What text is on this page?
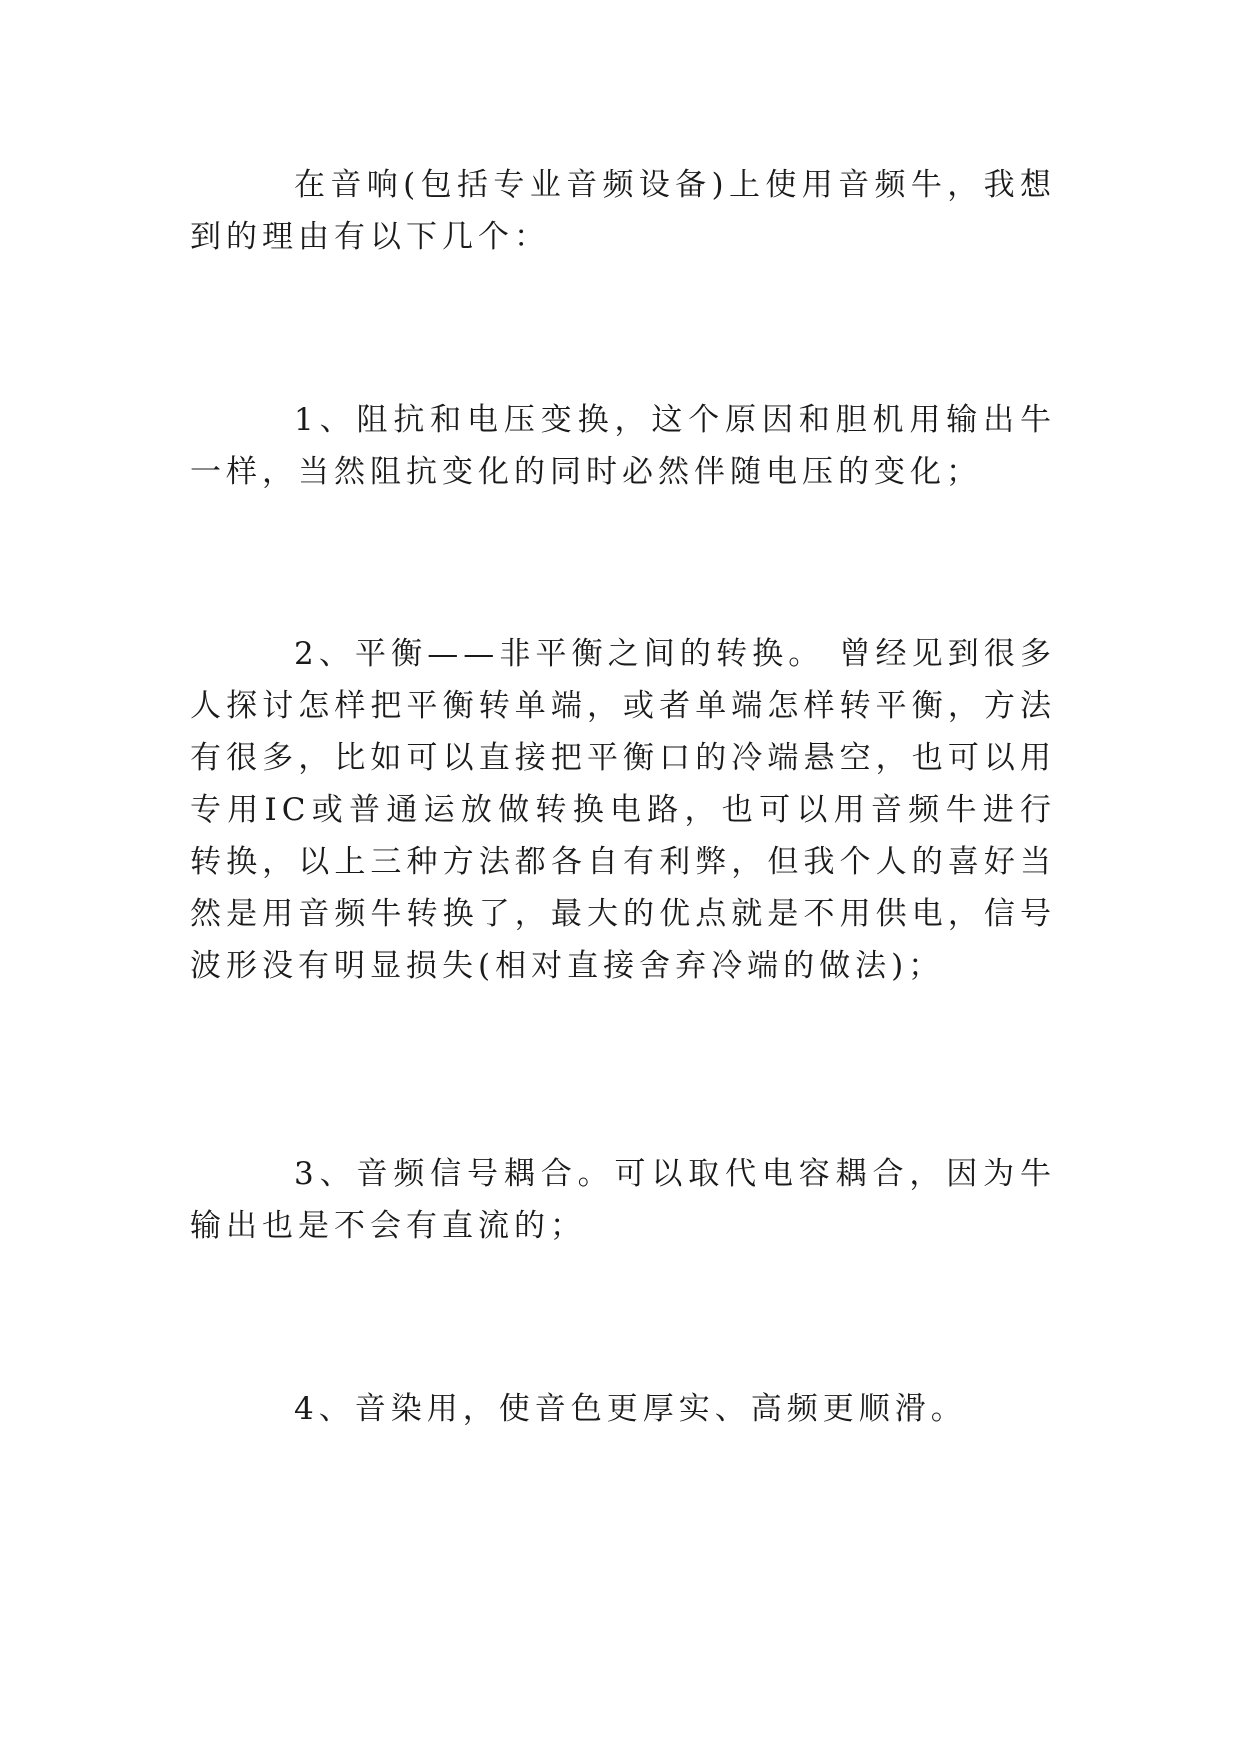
在音响(包括专业音频设备)上使用音频牛，我想到的理由有以下几个：

1、阻抗和电压变换，这个原因和胆机用输出牛一样，当然阻抗变化的同时必然伴随电压的变化；

2、平衡——非平衡之间的转换。 曾经见到很多人探讨怎样把平衡转单端，或者单端怎样转平衡，方法有很多，比如可以直接把平衡口的冷端悬空，也可以用专用IC或普通运放做转换电路，也可以用音频牛进行转换，以上三种方法都各自有利弊，但我个人的喜好当然是用音频牛转换了，最大的优点就是不用供电，信号波形没有明显损失(相对直接舍弃冷端的做法)；

3、音频信号耦合。可以取代电容耦合，因为牛输出也是不会有直流的；

4、音染用，使音色更厚实、高频更顺滑。
